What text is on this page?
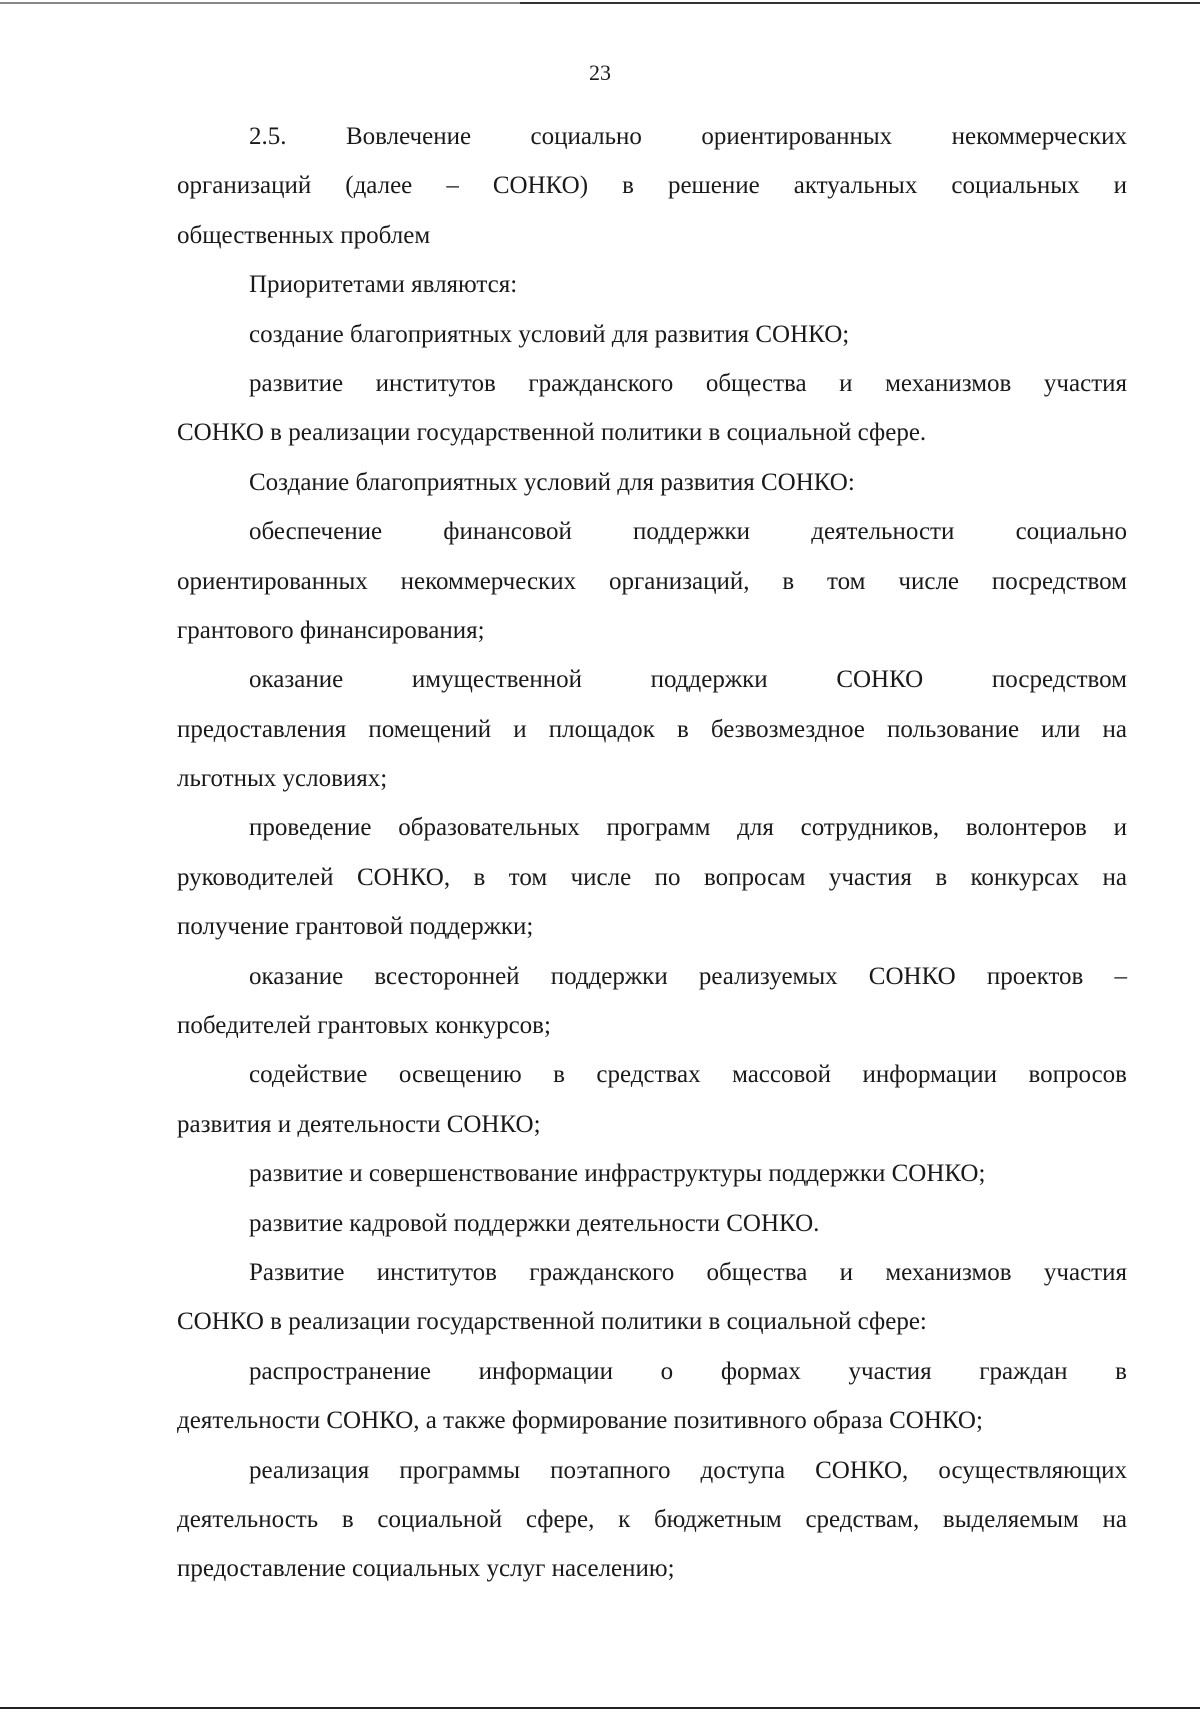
23
2.5. Вовлечение социально ориентированных некоммерческих
организаций (далее – СОНКО) в решение актуальных социальных и
общественных проблем
Приоритетами являются:
создание благоприятных условий для развития СОНКО;
развитие институтов гражданского общества и механизмов участия
СОНКО в реализации государственной политики в социальной сфере.
Создание благоприятных условий для развития СОНКО:
обеспечение финансовой поддержки деятельности социально
ориентированных некоммерческих организаций, в том числе посредством
грантового финансирования;
оказание имущественной поддержки СОНКО посредством
предоставления помещений и площадок в безвозмездное пользование или на
льготных условиях;
проведение образовательных программ для сотрудников, волонтеров и
руководителей СОНКО, в том числе по вопросам участия в конкурсах на
получение грантовой поддержки;
оказание всесторонней поддержки реализуемых СОНКО проектов –
победителей грантовых конкурсов;
содействие освещению в средствах массовой информации вопросов
развития и деятельности СОНКО;
развитие и совершенствование инфраструктуры поддержки СОНКО;
развитие кадровой поддержки деятельности СОНКО.
Развитие институтов гражданского общества и механизмов участия
СОНКО в реализации государственной политики в социальной сфере:
распространение информации о формах участия граждан в
деятельности СОНКО, а также формирование позитивного образа СОНКО;
реализация программы поэтапного доступа СОНКО, осуществляющих
деятельность в социальной сфере, к бюджетным средствам, выделяемым на
предоставление социальных услуг населению;
